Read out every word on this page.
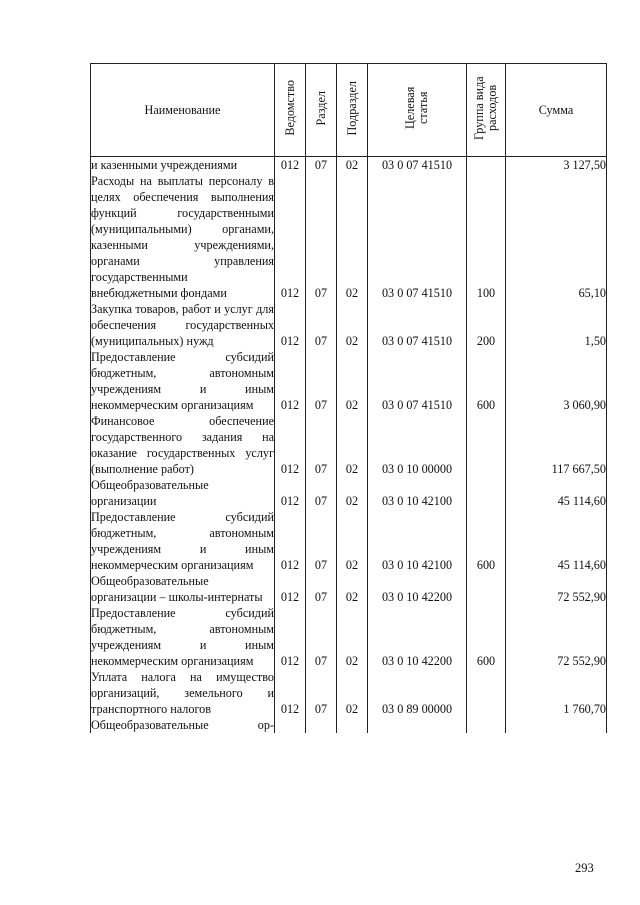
Наименование	Ведомство	Раздел	Подраздел	Целевая статья	Группа вида расходов	Сумма
и казенными учреждениями	012	07	02	03 0 07 41510		3 127,50
Расходы на выплаты персоналу в целях обеспечения выполнения функций государственными (муниципальными) органами, казенными учреждениями, органами управления государственными внебюджетными фондами	012	07	02	03 0 07 41510	100	65,10
Закупка товаров, работ и услуг для обеспечения государственных (муниципальных) нужд	012	07	02	03 0 07 41510	200	1,50
Предоставление субсидий бюджетным, автономным учреждениям и иным некоммерческим организациям	012	07	02	03 0 07 41510	600	3 060,90
Финансовое обеспечение государственного задания на оказание государственных услуг (выполнение работ)	012	07	02	03 0 10 00000		117 667,50
Общеобразовательные организации	012	07	02	03 0 10 42100		45 114,60
Предоставление субсидий бюджетным, автономным учреждениям и иным некоммерческим организациям	012	07	02	03 0 10 42100	600	45 114,60
Общеобразовательные организации – школы-интернаты	012	07	02	03 0 10 42200		72 552,90
Предоставление субсидий бюджетным, автономным учреждениям и иным некоммерческим организациям	012	07	02	03 0 10 42200	600	72 552,90
Уплата налога на имущество организаций, земельного и транспортного налогов	012	07	02	03 0 89 00000		1 760,70
Общеобразовательные ор-						
293
